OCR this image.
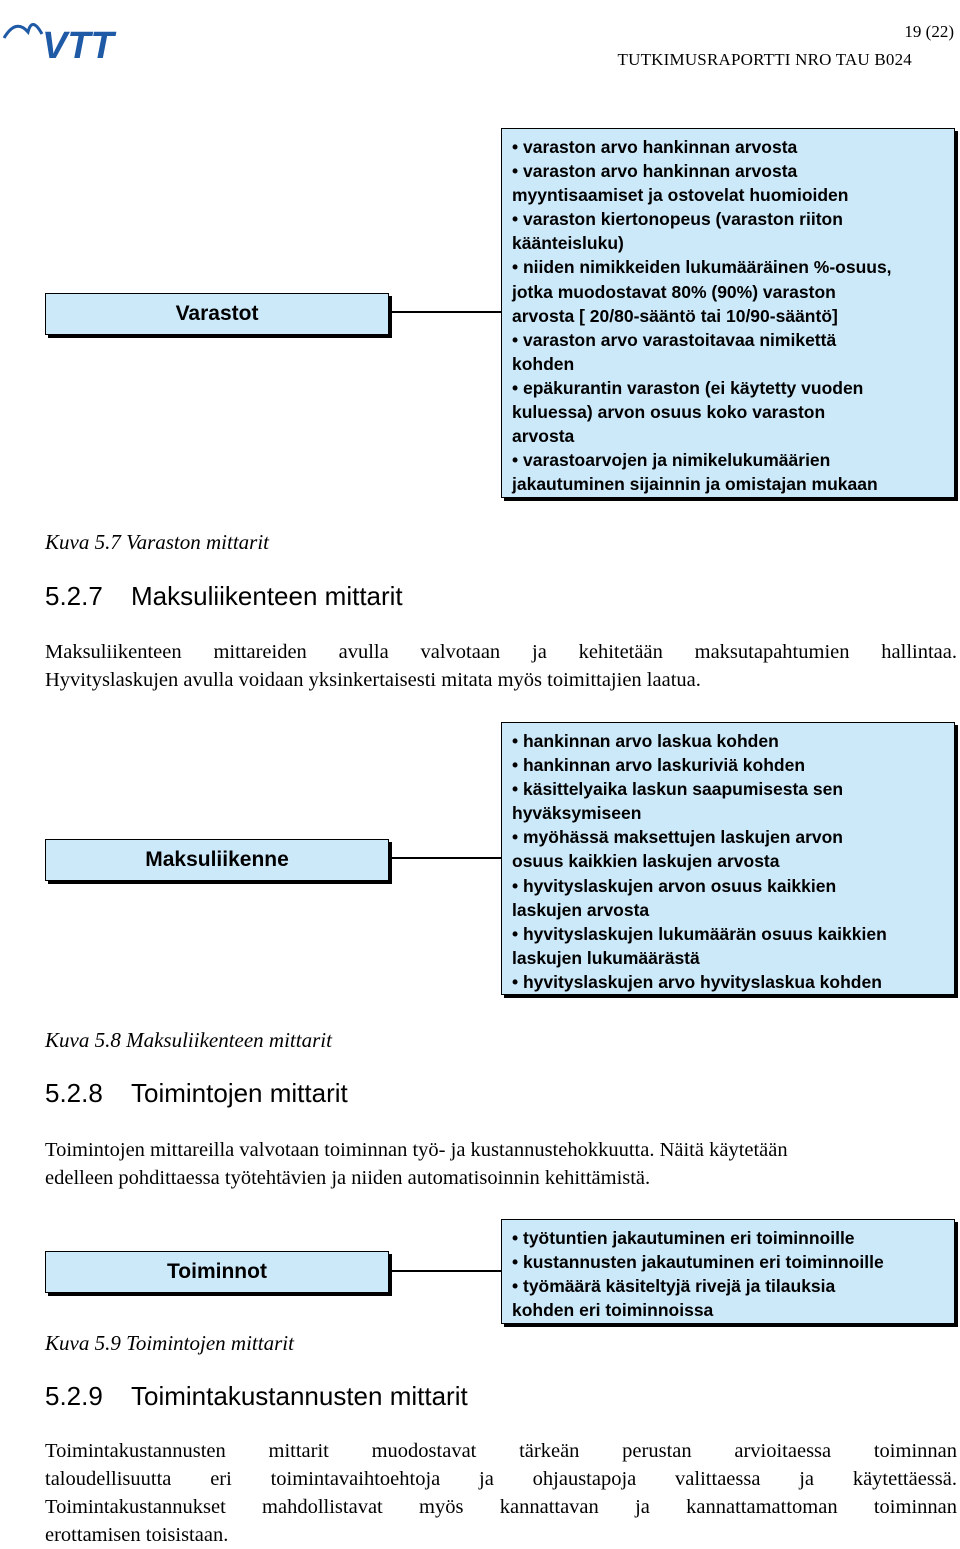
VTT	19 (22)
TUTKIMUSRAPORTTI NRO TAU B024
Varastot
• varaston arvo hankinnan arvosta
• varaston arvo hankinnan arvosta
myyntisaamiset ja ostovelat huomioiden
• varaston kiertonopeus (varaston riiton
käänteisluku)
• niiden nimikkeiden lukumääräinen %-osuus,
jotka muodostavat 80% (90%) varaston
arvosta [ 20/80-sääntö tai 10/90-sääntö]
• varaston arvo varastoitavaa nimikettä
kohden
• epäkurantin varaston (ei käytetty vuoden
kuluessa) arvon osuus koko varaston
arvosta
• varastoarvojen ja nimikelukumäärien
jakautuminen sijainnin ja omistajan mukaan
Kuva 5.7 Varaston mittarit
5.2.7 Maksuliikenteen mittarit
Maksuliikenteen mittareiden avulla valvotaan ja kehitetään maksutapahtumien hallintaa.
Hyvityslaskujen avulla voidaan yksinkertaisesti mitata myös toimittajien laatua.
Maksuliikenne
• hankinnan arvo laskua kohden
• hankinnan arvo laskuriviä kohden
• käsittelyaika laskun saapumisesta sen
hyväksymiseen
• myöhässä maksettujen laskujen arvon
osuus kaikkien laskujen arvosta
• hyvityslaskujen arvon osuus kaikkien
laskujen arvosta
• hyvityslaskujen lukumäärän osuus kaikkien
laskujen lukumäärästä
• hyvityslaskujen arvo hyvityslaskua kohden
Kuva 5.8 Maksuliikenteen mittarit
5.2.8 Toimintojen mittarit
Toimintojen mittareilla valvotaan toiminnan työ- ja kustannustehokkuutta. Näitä käytetään
edelleen pohdittaessa työtehtävien ja niiden automatisoinnin kehittämistä.
Toiminnot
• työtuntien jakautuminen eri toiminnoille
• kustannusten jakautuminen eri toiminnoille
• työmäärä käsiteltyjä rivejä ja tilauksia
kohden eri toiminnoissa
Kuva 5.9 Toimintojen mittarit
5.2.9 Toimintakustannusten mittarit
Toimintakustannusten mittarit muodostavat tärkeän perustan arvioitaessa toiminnan
taloudellisuutta eri toimintavaihtoehtoja ja ohjaustapoja valittaessa ja käytettäessä.
Toimintakustannukset mahdollistavat myös kannattavan ja kannattamattoman toiminnan
erottamisen toisistaan.
